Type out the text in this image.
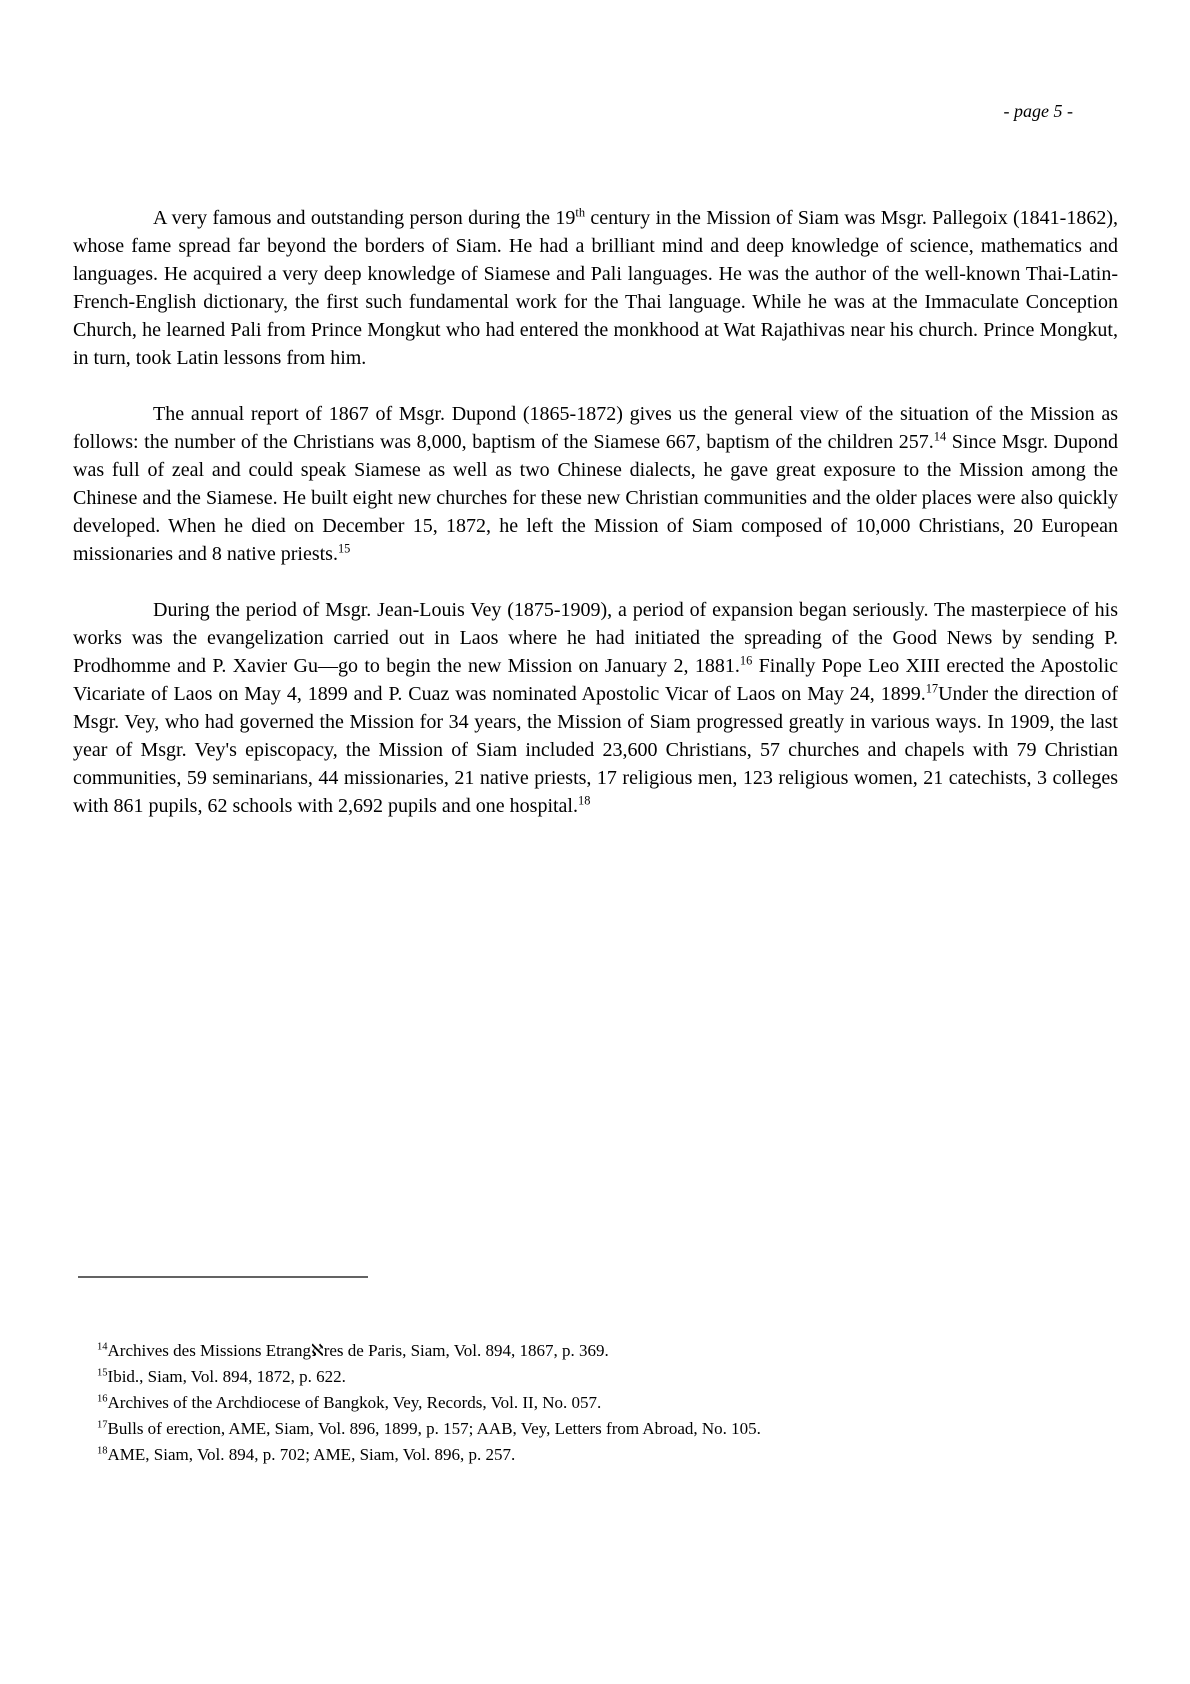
- page 5 -

A very famous and outstanding person during the 19th century in the Mission of Siam was Msgr. Pallegoix (1841-1862), whose fame spread far beyond the borders of Siam. He had a brilliant mind and deep knowledge of science, mathematics and languages. He acquired a very deep knowledge of Siamese and Pali languages. He was the author of the well-known Thai-Latin-French-English dictionary, the first such fundamental work for the Thai language. While he was at the Immaculate Conception Church, he learned Pali from Prince Mongkut who had entered the monkhood at Wat Rajathivas near his church. Prince Mongkut, in turn, took Latin lessons from him.

The annual report of 1867 of Msgr. Dupond (1865-1872) gives us the general view of the situation of the Mission as follows: the number of the Christians was 8,000, baptism of the Siamese 667, baptism of the children 257.14 Since Msgr. Dupond was full of zeal and could speak Siamese as well as two Chinese dialects, he gave great exposure to the Mission among the Chinese and the Siamese. He built eight new churches for these new Christian communities and the older places were also quickly developed. When he died on December 15, 1872, he left the Mission of Siam composed of 10,000 Christians, 20 European missionaries and 8 native priests.$^{15}$

During the period of Msgr. Jean-Louis Vey (1875-1909), a period of expansion began seriously. The masterpiece of his works was the evangelization carried out in Laos where he had initiated the spreading of the Good News by sending P. Prodhomme and P. Xavier Gu—go to begin the new Mission on January 2, 1881.16 Finally Pope Leo XIII erected the Apostolic Vicariate of Laos on May 4, 1899 and P. Cuaz was nominated Apostolic Vicar of Laos on May 24, 1899.17Under the direction of Msgr. Vey, who had governed the Mission for 34 years, the Mission of Siam progressed greatly in various ways. In 1909, the last year of Msgr. Vey's episcopacy, the Mission of Siam included 23,600 Christians, 57 churches and chapels with 79 Christian communities, 59 seminarians, 44 missionaries, 21 native priests, 17 religious men, 123 religious women, 21 catechists, 3 colleges with 861 pupils, 62 schools with 2,692 pupils and one hospital.$^{18}$

$^{14}$Archives des Missions Etrangℵres de Paris, Siam, Vol. 894, 1867, p. 369.
$^{15}$Ibid., Siam, Vol. 894, 1872, p. 622.
$^{16}$Archives of the Archdiocese of Bangkok, Vey, Records, Vol. II, No. 057.
$^{17}$Bulls of erection, AME, Siam, Vol. 896, 1899, p. 157; AAB, Vey, Letters from Abroad, No. 105.
$^{18}$AME, Siam, Vol. 894, p. 702; AME, Siam, Vol. 896, p. 257.
